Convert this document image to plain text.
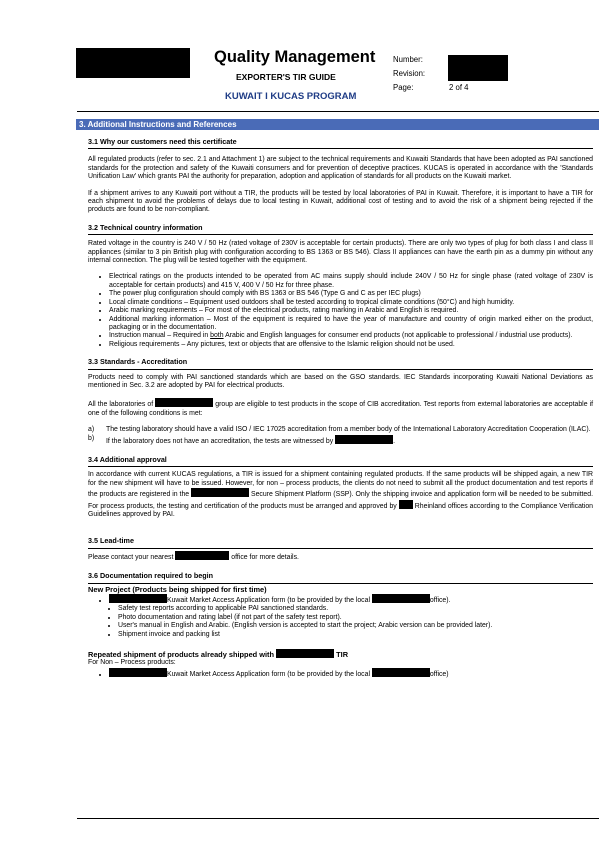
Quality Management
EXPORTER'S TIR GUIDE
KUWAIT I KUCAS PROGRAM
Number:
Revision:
Page:	2 of 4
3. Additional Instructions and References

3.1 Why our customers need this certificate

All regulated products (refer to sec. 2.1 and Attachment 1) are subject to the technical requirements and Kuwaiti Standards that have been adopted as PAI sanctioned standards for the protection and safety of the Kuwaiti consumers and for prevention of deceptive practices. KUCAS is operated in accordance with the 'Standards Unification Law' which grants PAI the authority for preparation, adoption and application of standards for all products on the Kuwaiti market.

If a shipment arrives to any Kuwaiti port without a TIR, the products will be tested by local laboratories of PAI in Kuwait. Therefore, it is important to have a TIR for each shipment to avoid the problems of delays due to local testing in Kuwait, additional cost of testing and to avoid the risk of a shipment being rejected if the products are found to be non-compliant.

3.2 Technical country information

Rated voltage in the country is 240 V / 50 Hz (rated voltage of 230V is acceptable for certain products). There are only two types of plug for both class I and class II appliances (similar to 3 pin British plug with configuration according to BS 1363 or BS 546). Class II appliances can have the earth pin as a dummy pin without any internal connection. The plug will be tested together with the equipment.

• Electrical ratings on the products intended to be operated from AC mains supply should include 240V / 50 Hz for single phase (rated voltage of 230V is acceptable for certain products) and 415 V, 400 V / 50 Hz for three phase.
• The power plug configuration should comply with BS 1363 or BS 546 (Type G and C as per IEC plugs)
• Local climate conditions – Equipment used outdoors shall be tested according to tropical climate conditions (50°C) and high humidity.
• Arabic marking requirements – For most of the electrical products, rating marking in Arabic and English is required.
• Additional marking information – Most of the equipment is required to have the year of manufacture and country of origin marked either on the product, packaging or in the documentation.
• Instruction manual – Required in both Arabic and English languages for consumer end products (not applicable to professional / industrial use products).
• Religious requirements – Any pictures, text or objects that are offensive to the Islamic religion should not be used.

3.3 Standards - Accreditation

Products need to comply with PAI sanctioned standards which are based on the GSO standards. IEC Standards incorporating Kuwaiti National Deviations as mentioned in Sec. 3.2 are adopted by PAI for electrical products.

All the laboratories of	group are eligible to test products in the scope of CIB accreditation. Test reports from external laboratories are acceptable if one of the following conditions is met:

a)	The testing laboratory should have a valid ISO / IEC 17025 accreditation from a member body of the International Laboratory Accreditation Cooperation (ILAC).
b)	If the laboratory does not have an accreditation, the tests are witnessed by	.

3.4 Additional approval

In accordance with current KUCAS regulations, a TIR is issued for a shipment containing regulated products. If the same products will be shipped again, a new TIR for the new shipment will have to be issued. However, for non – process products, the clients do not need to submit all the product documentation and test reports if the products are registered in the	Secure Shipment Platform (SSP). Only the shipping invoice and application form will be needed to be submitted. For process products, the testing and certification of the products must be arranged and approved by	Rheinland offices according to the Compliance Verification Guidelines approved by PAI.

3.5 Lead-time

Please contact your nearest	office for more details.

3.6 Documentation required to begin

New Project (Products being shipped for first time)

• Kuwait Market Access Application form (to be provided by the local	office).
• Safety test reports according to applicable PAI sanctioned standards.
• Photo documentation and rating label (if not part of the safety test report).
• User's manual in English and Arabic. (English version is accepted to start the project; Arabic version can be provided later).
• Shipment invoice and packing list

Repeated shipment of products already shipped with	TIR

For Non – Process products:

• Kuwait Market Access Application form (to be provided by the local	office)
